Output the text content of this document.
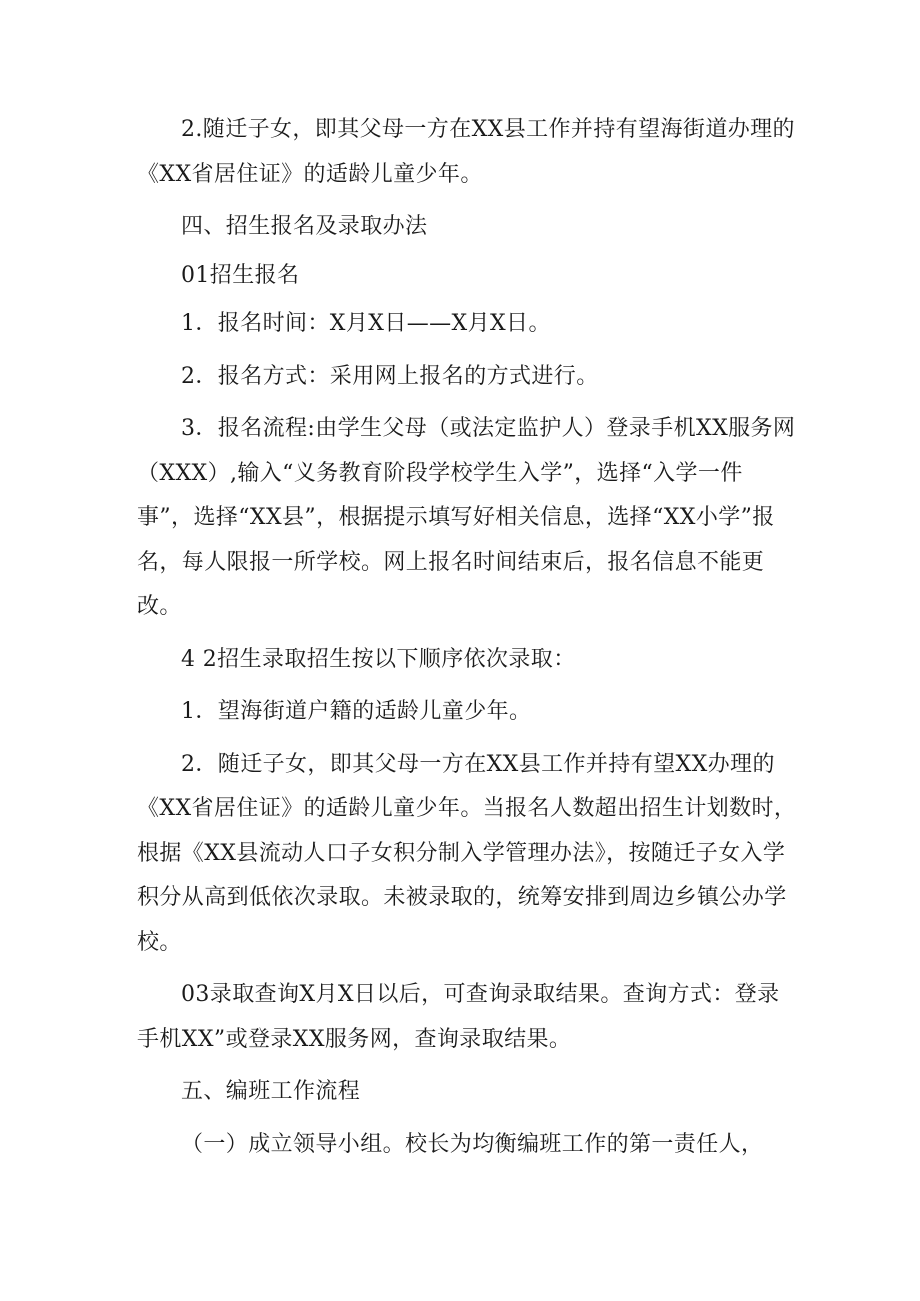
2.随迁子女，即其父母一方在XX县工作并持有望海街道办理的《XX省居住证》的适龄儿童少年。

四、招生报名及录取办法

01招生报名

1．报名时间：X月X日——X月X日。

2．报名方式：采用网上报名的方式进行。

3．报名流程:由学生父母（或法定监护人）登录手机XX服务网（XXX）,输入“义务教育阶段学校学生入学”，选择“入学一件事”，选择“XX县”，根据提示填写好相关信息，选择“XX小学”报名，每人限报一所学校。网上报名时间结束后，报名信息不能更改。

4 2招生录取招生按以下顺序依次录取：

1．望海街道户籍的适龄儿童少年。

2．随迁子女，即其父母一方在XX县工作并持有望XX办理的《XX省居住证》的适龄儿童少年。当报名人数超出招生计划数时，根据《XX县流动人口子女积分制入学管理办法》，按随迁子女入学积分从高到低依次录取。未被录取的，统筹安排到周边乡镇公办学校。

03录取查询X月X日以后，可查询录取结果。查询方式：登录手机XX”或登录XX服务网，查询录取结果。

五、编班工作流程

（一）成立领导小组。校长为均衡编班工作的第一责任人，
